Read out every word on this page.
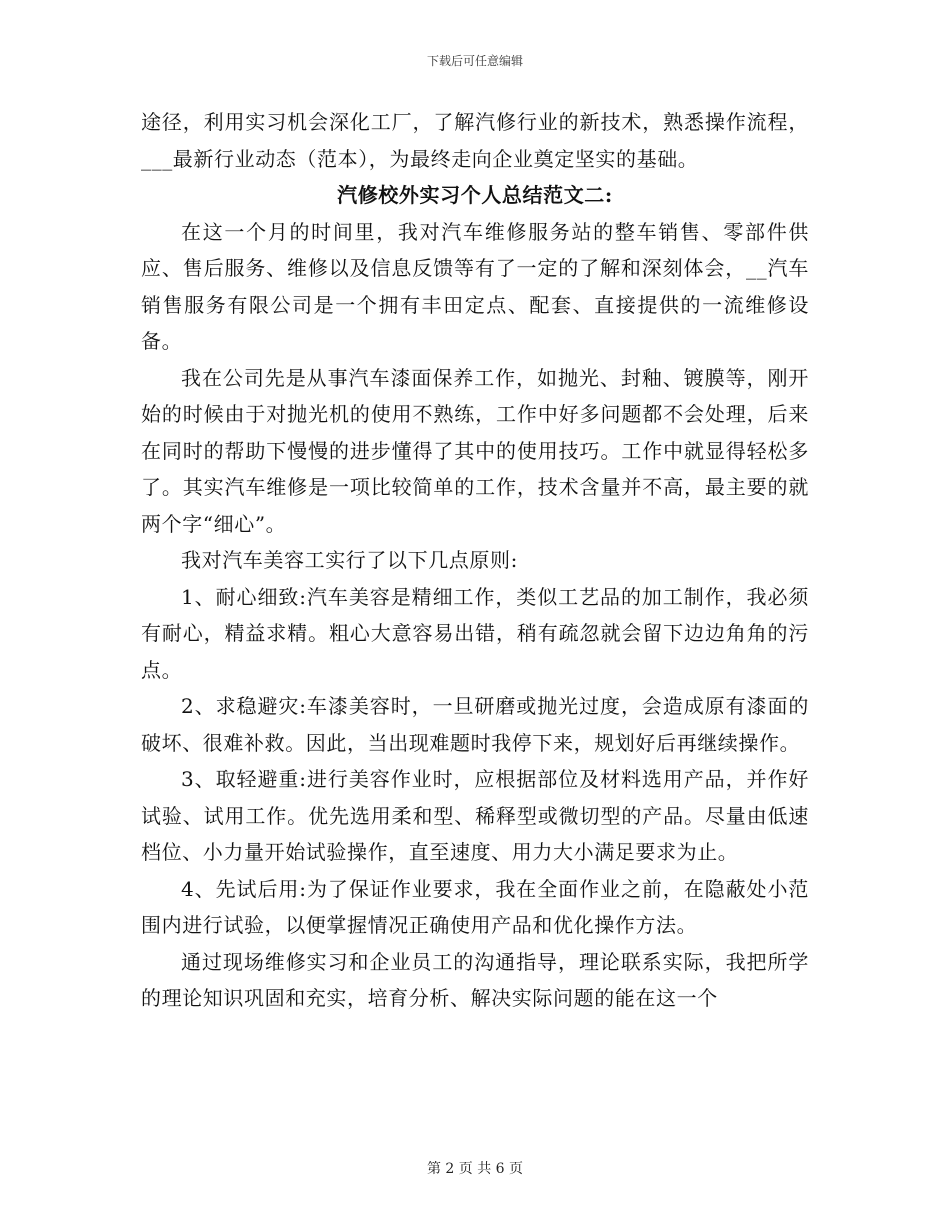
下载后可任意编辑

途径，利用实习机会深化工厂，了解汽修行业的新技术，熟悉操作流程，___最新行业动态（范本），为最终走向企业奠定坚实的基础。

汽修校外实习个人总结范文二:

在这一个月的时间里，我对汽车维修服务站的整车销售、零部件供应、售后服务、维修以及信息反馈等有了一定的了解和深刻体会，__汽车销售服务有限公司是一个拥有丰田定点、配套、直接提供的一流维修设备。

我在公司先是从事汽车漆面保养工作，如抛光、封釉、镀膜等，刚开始的时候由于对抛光机的使用不熟练，工作中好多问题都不会处理，后来在同时的帮助下慢慢的进步懂得了其中的使用技巧。工作中就显得轻松多了。其实汽车维修是一项比较简单的工作，技术含量并不高，最主要的就两个字“细心”。

我对汽车美容工实行了以下几点原则:

1、耐心细致:汽车美容是精细工作，类似工艺品的加工制作，我必须有耐心，精益求精。粗心大意容易出错，稍有疏忽就会留下边边角角的污点。

2、求稳避灾:车漆美容时，一旦研磨或抛光过度，会造成原有漆面的破坏、很难补救。因此，当出现难题时我停下来，规划好后再继续操作。

3、取轻避重:进行美容作业时，应根据部位及材料选用产品，并作好试验、试用工作。优先选用柔和型、稀释型或微切型的产品。尽量由低速档位、小力量开始试验操作，直至速度、用力大小满足要求为止。

4、先试后用:为了保证作业要求，我在全面作业之前，在隐蔽处小范围内进行试验，以便掌握情况正确使用产品和优化操作方法。

通过现场维修实习和企业员工的沟通指导，理论联系实际，我把所学的理论知识巩固和充实，培育分析、解决实际问题的能在这一个

第 2 页 共 6 页
